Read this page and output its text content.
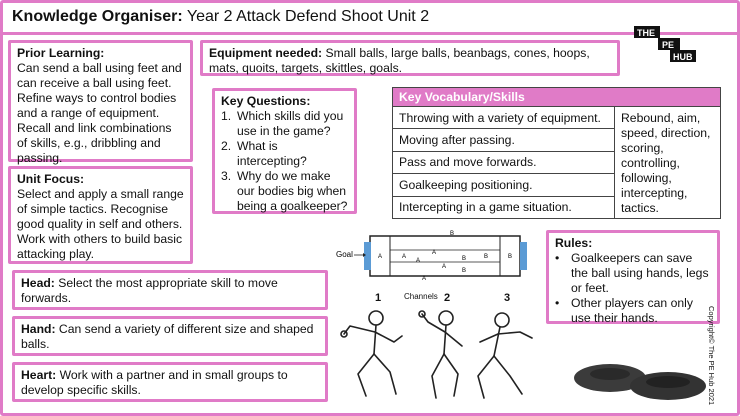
Knowledge Organiser: Year 2 Attack Defend Shoot Unit 2
Prior Learning:
Can send a ball using feet and can receive a ball using feet. Refine ways to control bodies and a range of equipment. Recall and link combinations of skills, e.g., dribbling and passing.
Unit Focus:
Select and apply a small range of simple tactics. Recognise good quality in self and others. Work with others to build basic attacking play.
Equipment needed: Small balls, large balls, beanbags, cones, hoops, mats, quoits, targets, skittles, goals.
Key Questions:
1. Which skills did you use in the game?
2. What is intercepting?
3. Why do we make our bodies big when being a goalkeeper?
Key Vocabulary/Skills
Throwing with a variety of equipment.	Rebound, aim, speed, direction, scoring, controlling, following, intercepting, tactics.
Moving after passing.
Pass and move forwards.
Goalkeeping positioning.
Intercepting in a game situation.
Rules:
• Goalkeepers can save the ball using hands, legs or feet.
• Other players can only use their hands.
Head: Select the most appropriate skill to move forwards.
Hand: Can send a variety of different size and shaped balls.
Heart: Work with a partner and in small groups to develop specific skills.
A	A
A
A
A
A
B
B	B	B
B
Goal
1	Channels 2	3
THE
PE
HUB
Copyright© The PE Hub 2021
